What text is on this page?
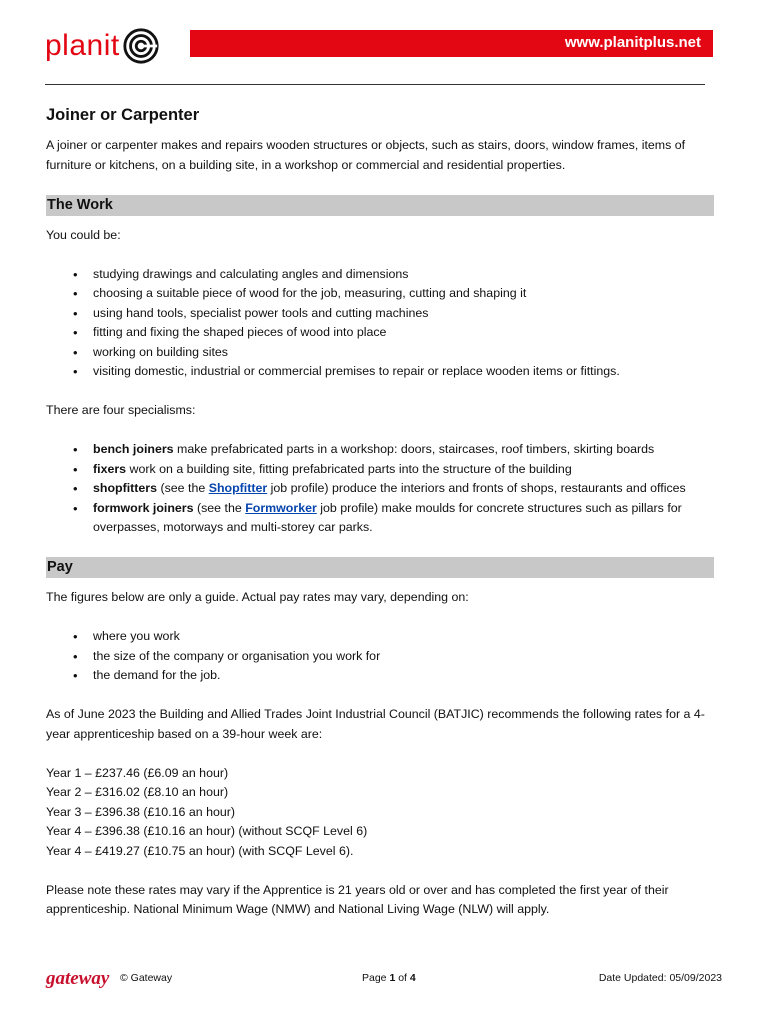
planit	www.planitplus.net
Joiner or Carpenter

A joiner or carpenter makes and repairs wooden structures or objects, such as stairs, doors, window frames, items of furniture or kitchens, on a building site, in a workshop or commercial and residential properties.

The Work

You could be:

• studying drawings and calculating angles and dimensions
• choosing a suitable piece of wood for the job, measuring, cutting and shaping it
• using hand tools, specialist power tools and cutting machines
• fitting and fixing the shaped pieces of wood into place
• working on building sites
• visiting domestic, industrial or commercial premises to repair or replace wooden items or fittings.

There are four specialisms:

• bench joiners make prefabricated parts in a workshop: doors, staircases, roof timbers, skirting boards
• fixers work on a building site, fitting prefabricated parts into the structure of the building
• shopfitters (see the Shopfitter job profile) produce the interiors and fronts of shops, restaurants and offices
• formwork joiners (see the Formworker job profile) make moulds for concrete structures such as pillars for overpasses, motorways and multi-storey car parks.
Pay

The figures below are only a guide. Actual pay rates may vary, depending on:

• where you work
• the size of the company or organisation you work for
• the demand for the job.

As of June 2023 the Building and Allied Trades Joint Industrial Council (BATJIC) recommends the following rates for a 4-year apprenticeship based on a 39-hour week are:

Year 1 – £237.46 (£6.09 an hour)

Year 2 – £316.02 (£8.10 an hour)

Year 3 – £396.38 (£10.16 an hour)

Year 4 – £396.38 (£10.16 an hour) (without SCQF Level 6)

Year 4 – £419.27 (£10.75 an hour) (with SCQF Level 6).

Please note these rates may vary if the Apprentice is 21 years old or over and has completed the first year of their apprenticeship. National Minimum Wage (NMW) and National Living Wage (NLW) will apply.

gateway © Gateway	Page 1 of 4	Date Updated: 05/09/2023
